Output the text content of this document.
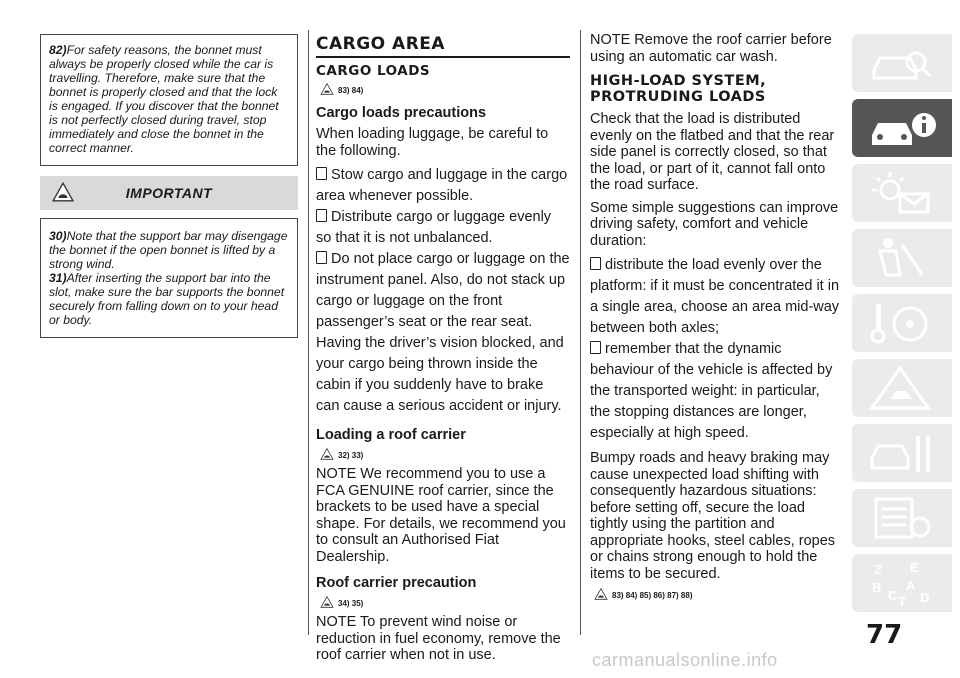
82)For safety reasons, the bonnet must always be properly closed while the car is travelling. Therefore, make sure that the bonnet is properly closed and that the lock is engaged. If you discover that the bonnet is not perfectly closed during travel, stop immediately and close the bonnet in the correct manner.
IMPORTANT
30)Note that the support bar may disengage the bonnet if the open bonnet is lifted by a strong wind.
31)After inserting the support bar into the slot, make sure the bar supports the bonnet securely from falling down on to your head or body.
CARGO AREA
CARGO LOADS
83) 84)
Cargo loads precautions

When loading luggage, be careful to the following.

Stow cargo and luggage in the cargo area whenever possible.

Distribute cargo or luggage evenly so that it is not unbalanced.

Do not place cargo or luggage on the instrument panel. Also, do not stack up cargo or luggage on the front passenger’s seat or the rear seat. Having the driver’s vision blocked, and your cargo being thrown inside the cabin if you suddenly have to brake can cause a serious accident or injury.

Loading a roof carrier
32) 33)

NOTE We recommend you to use a FCA GENUINE roof carrier, since the brackets to be used have a special shape. For details, we recommend you to consult an Authorised Fiat Dealership.

Roof carrier precaution
34) 35)

NOTE To prevent wind noise or reduction in fuel economy, remove the roof carrier when not in use.

NOTE Remove the roof carrier before using an automatic car wash.

HIGH-LOAD SYSTEM,
PROTRUDING LOADS

Check that the load is distributed evenly on the flatbed and that the rear side panel is correctly closed, so that the load, or part of it, cannot fall onto the road surface.

Some simple suggestions can improve driving safety, comfort and vehicle duration:

distribute the load evenly over the platform: if it must be concentrated it in a single area, choose an area mid-way between both axles;

remember that the dynamic behaviour of the vehicle is affected by the transported weight: in particular, the stopping distances are longer, especially at high speed.

Bumpy roads and heavy braking may cause unexpected load shifting with consequently hazardous situations: before setting off, secure the load tightly using the partition and appropriate hooks, steel cables, ropes or chains strong enough to hold the items to be secured.

83) 84) 85) 86) 87) 88)
Z E
B A
C D
T
77
carmanualsonline.info
